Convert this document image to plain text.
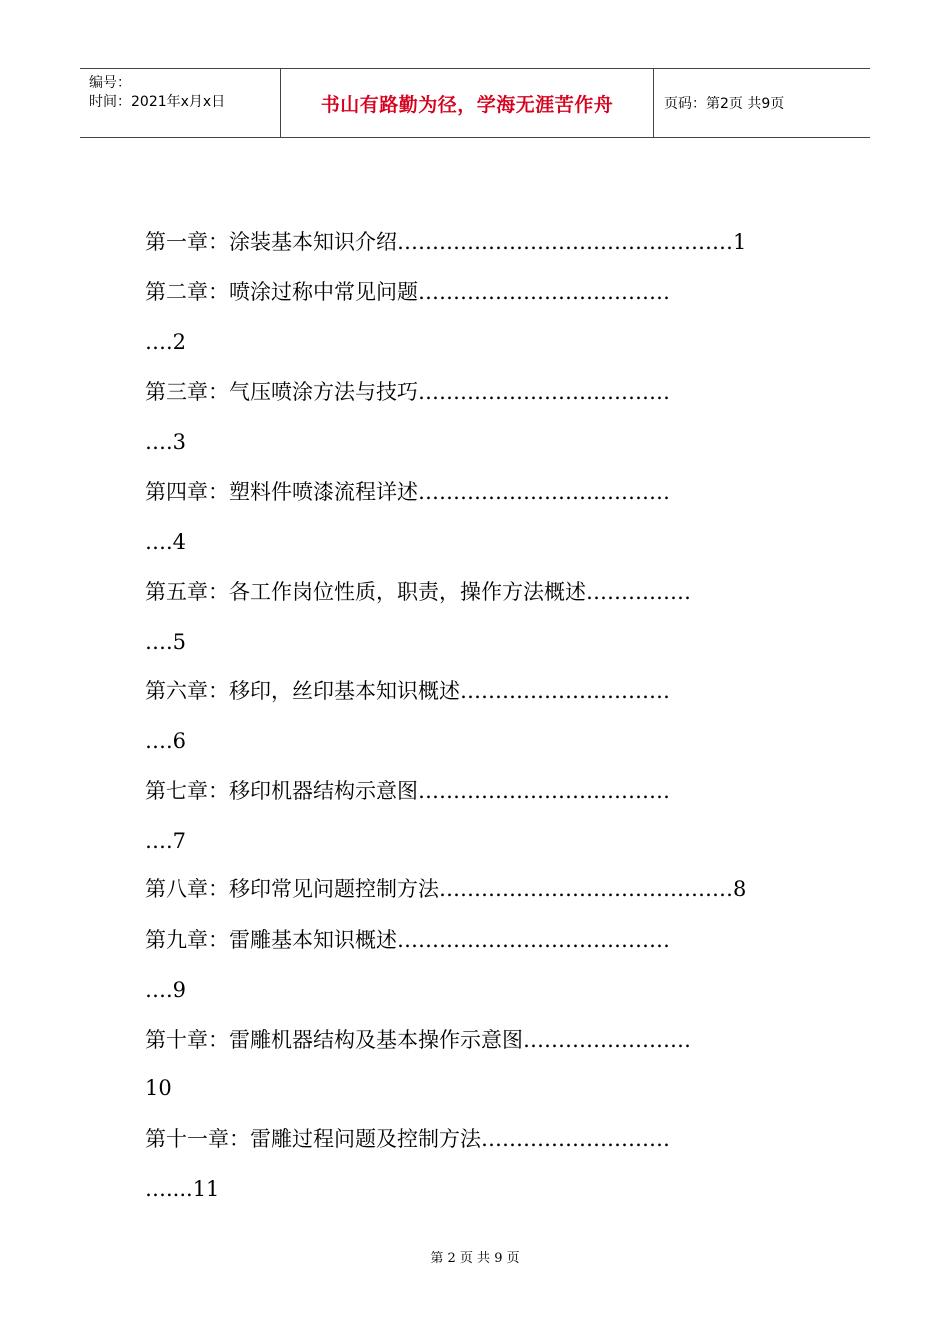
编号：
时间：2021年x月x日	书山有路勤为径，学海无涯苦作舟	页码：第2页 共9页
第一章：涂装基本知识介绍…………………………………………1
第二章：喷涂过称中常见问题………………………………
….2
第三章：气压喷涂方法与技巧………………………………
….3
第四章：塑料件喷漆流程详述………………………………
….4
第五章：各工作岗位性质，职责，操作方法概述……………
….5
第六章：移印，丝印基本知识概述…………………………
….6
第七章：移印机器结构示意图………………………………
….7
第八章：移印常见问题控制方法……………………………………8
第九章：雷雕基本知识概述…………………………………
….9
第十章：雷雕机器结构及基本操作示意图……………………
10
第十一章：雷雕过程问题及控制方法………………………
…....11
第 2 页 共 9 页
